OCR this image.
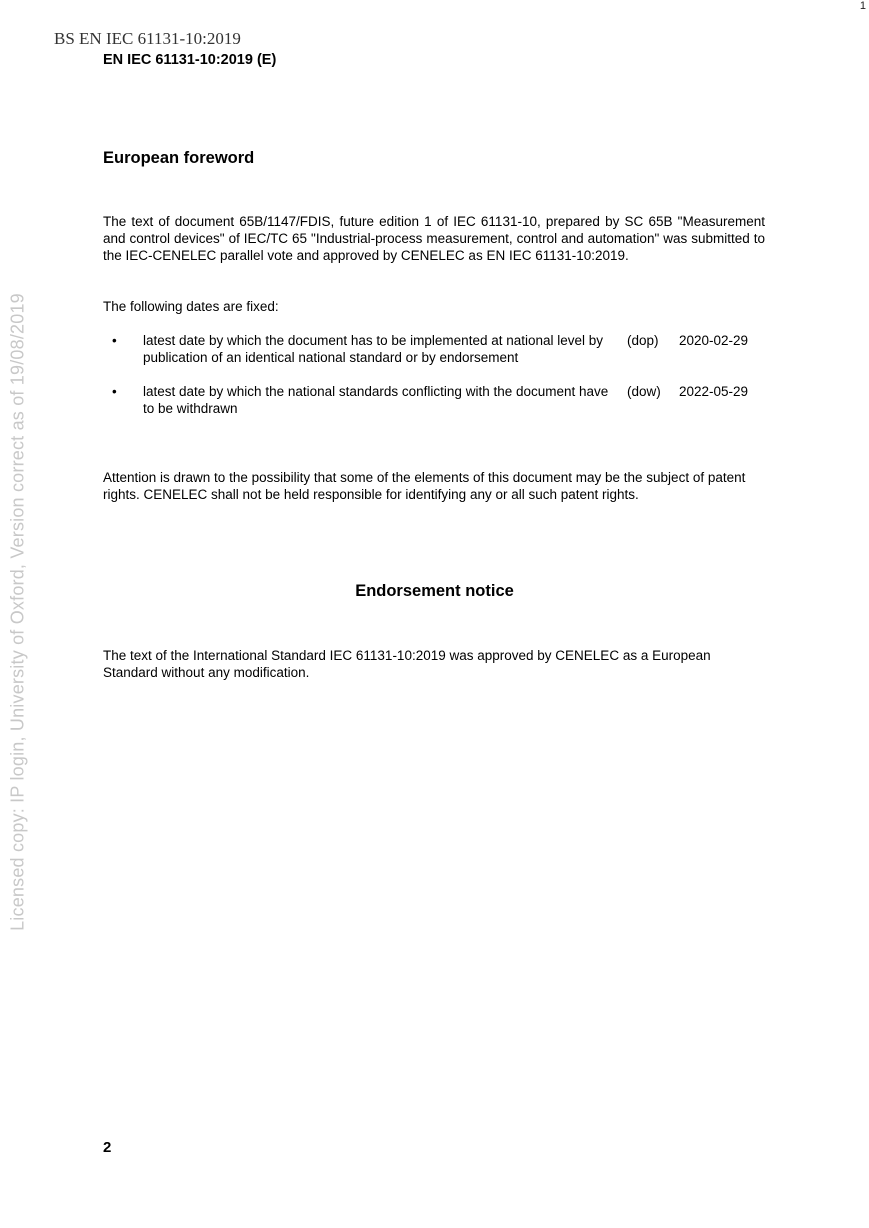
1
BS EN IEC 61131-10:2019
EN IEC 61131-10:2019 (E)
Licensed copy: IP login, University of Oxford, Version correct as of 19/08/2019
European foreword
The text of document 65B/1147/FDIS, future edition 1 of IEC 61131-10, prepared by SC 65B "Measurement and control devices" of IEC/TC 65 "Industrial-process measurement, control and automation" was submitted to the IEC-CENELEC parallel vote and approved by CENELEC as EN IEC 61131-10:2019.
The following dates are fixed:
• latest date by which the document has to be implemented at national level by publication of an identical national standard or by endorsement
(dop) 2020-02-29
• latest date by which the national standards conflicting with the document have to be withdrawn
(dow) 2022-05-29
Attention is drawn to the possibility that some of the elements of this document may be the subject of patent rights. CENELEC shall not be held responsible for identifying any or all such patent rights.
Endorsement notice
The text of the International Standard IEC 61131-10:2019 was approved by CENELEC as a European Standard without any modification.
2
